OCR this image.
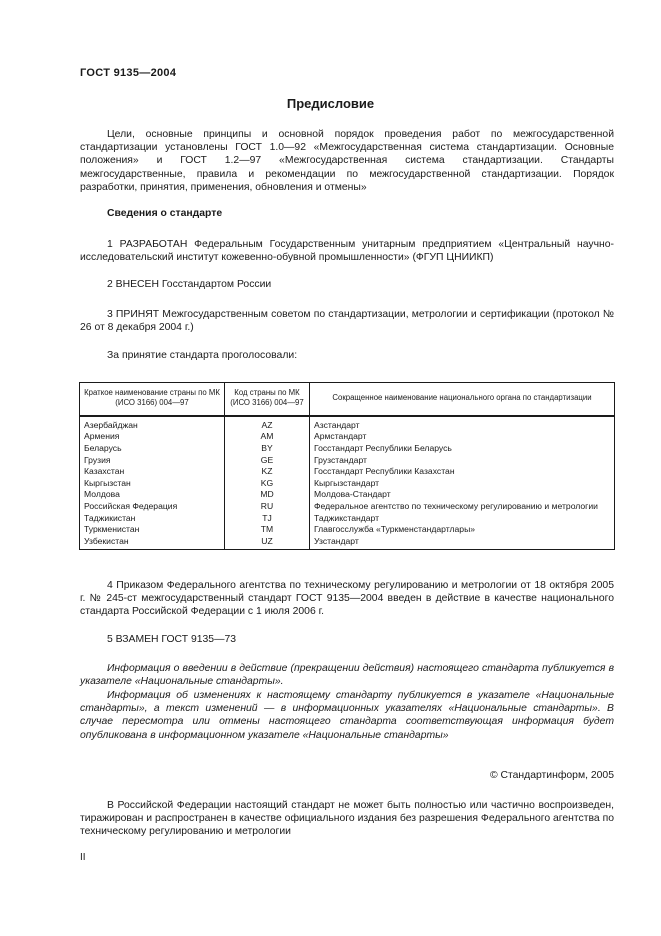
ГОСТ 9135—2004
Предисловие
Цели, основные принципы и основной порядок проведения работ по межгосударственной стандартизации установлены ГОСТ 1.0—92 «Межгосударственная система стандартизации. Основные положения» и ГОСТ 1.2—97 «Межгосударственная система стандартизации. Стандарты межгосударственные, правила и рекомендации по межгосударственной стандартизации. Порядок разработки, принятия, применения, обновления и отмены»
Сведения о стандарте
1 РАЗРАБОТАН Федеральным Государственным унитарным предприятием «Центральный научно-исследовательский институт кожевенно-обувной промышленности» (ФГУП ЦНИИКП)
2 ВНЕСЕН Госстандартом России
3 ПРИНЯТ Межгосударственным советом по стандартизации, метрологии и сертификации (протокол № 26 от 8 декабря 2004 г.)
За принятие стандарта проголосовали:
Краткое наименование страны по МК (ИСО 3166) 004—97	Код страны по МК (ИСО 3166) 004—97	Сокращенное наименование национального органа по стандартизации
Азербайджан	AZ	Азстандарт
Армения	AM	Армстандарт
Беларусь	BY	Госстандарт Республики Беларусь
Грузия	GE	Грузстандарт
Казахстан	KZ	Госстандарт Республики Казахстан
Кыргызстан	KG	Кыргызстандарт
Молдова	MD	Молдова-Стандарт
Российская Федерация	RU	Федеральное агентство по техническому регулированию и метрологии
Таджикистан	TJ	Таджикстандарт
Туркменистан	TM	Главгосслужба «Туркменстандартлары»
Узбекистан	UZ	Узстандарт
4 Приказом Федерального агентства по техническому регулированию и метрологии от 18 октября 2005 г. № 245-ст межгосударственный стандарт ГОСТ 9135—2004 введен в действие в качестве национального стандарта Российской Федерации с 1 июля 2006 г.
5 ВЗАМЕН ГОСТ 9135—73
Информация о введении в действие (прекращении действия) настоящего стандарта публикуется в указателе «Национальные стандарты».
Информация об изменениях к настоящему стандарту публикуется в указателе «Национальные стандарты», а текст изменений — в информационных указателях «Национальные стандарты». В случае пересмотра или отмены настоящего стандарта соответствующая информация будет опубликована в информационном указателе «Национальные стандарты»
© Стандартинформ, 2005
В Российской Федерации настоящий стандарт не может быть полностью или частично воспроизведен, тиражирован и распространен в качестве официального издания без разрешения Федерального агентства по техническому регулированию и метрологии
II
